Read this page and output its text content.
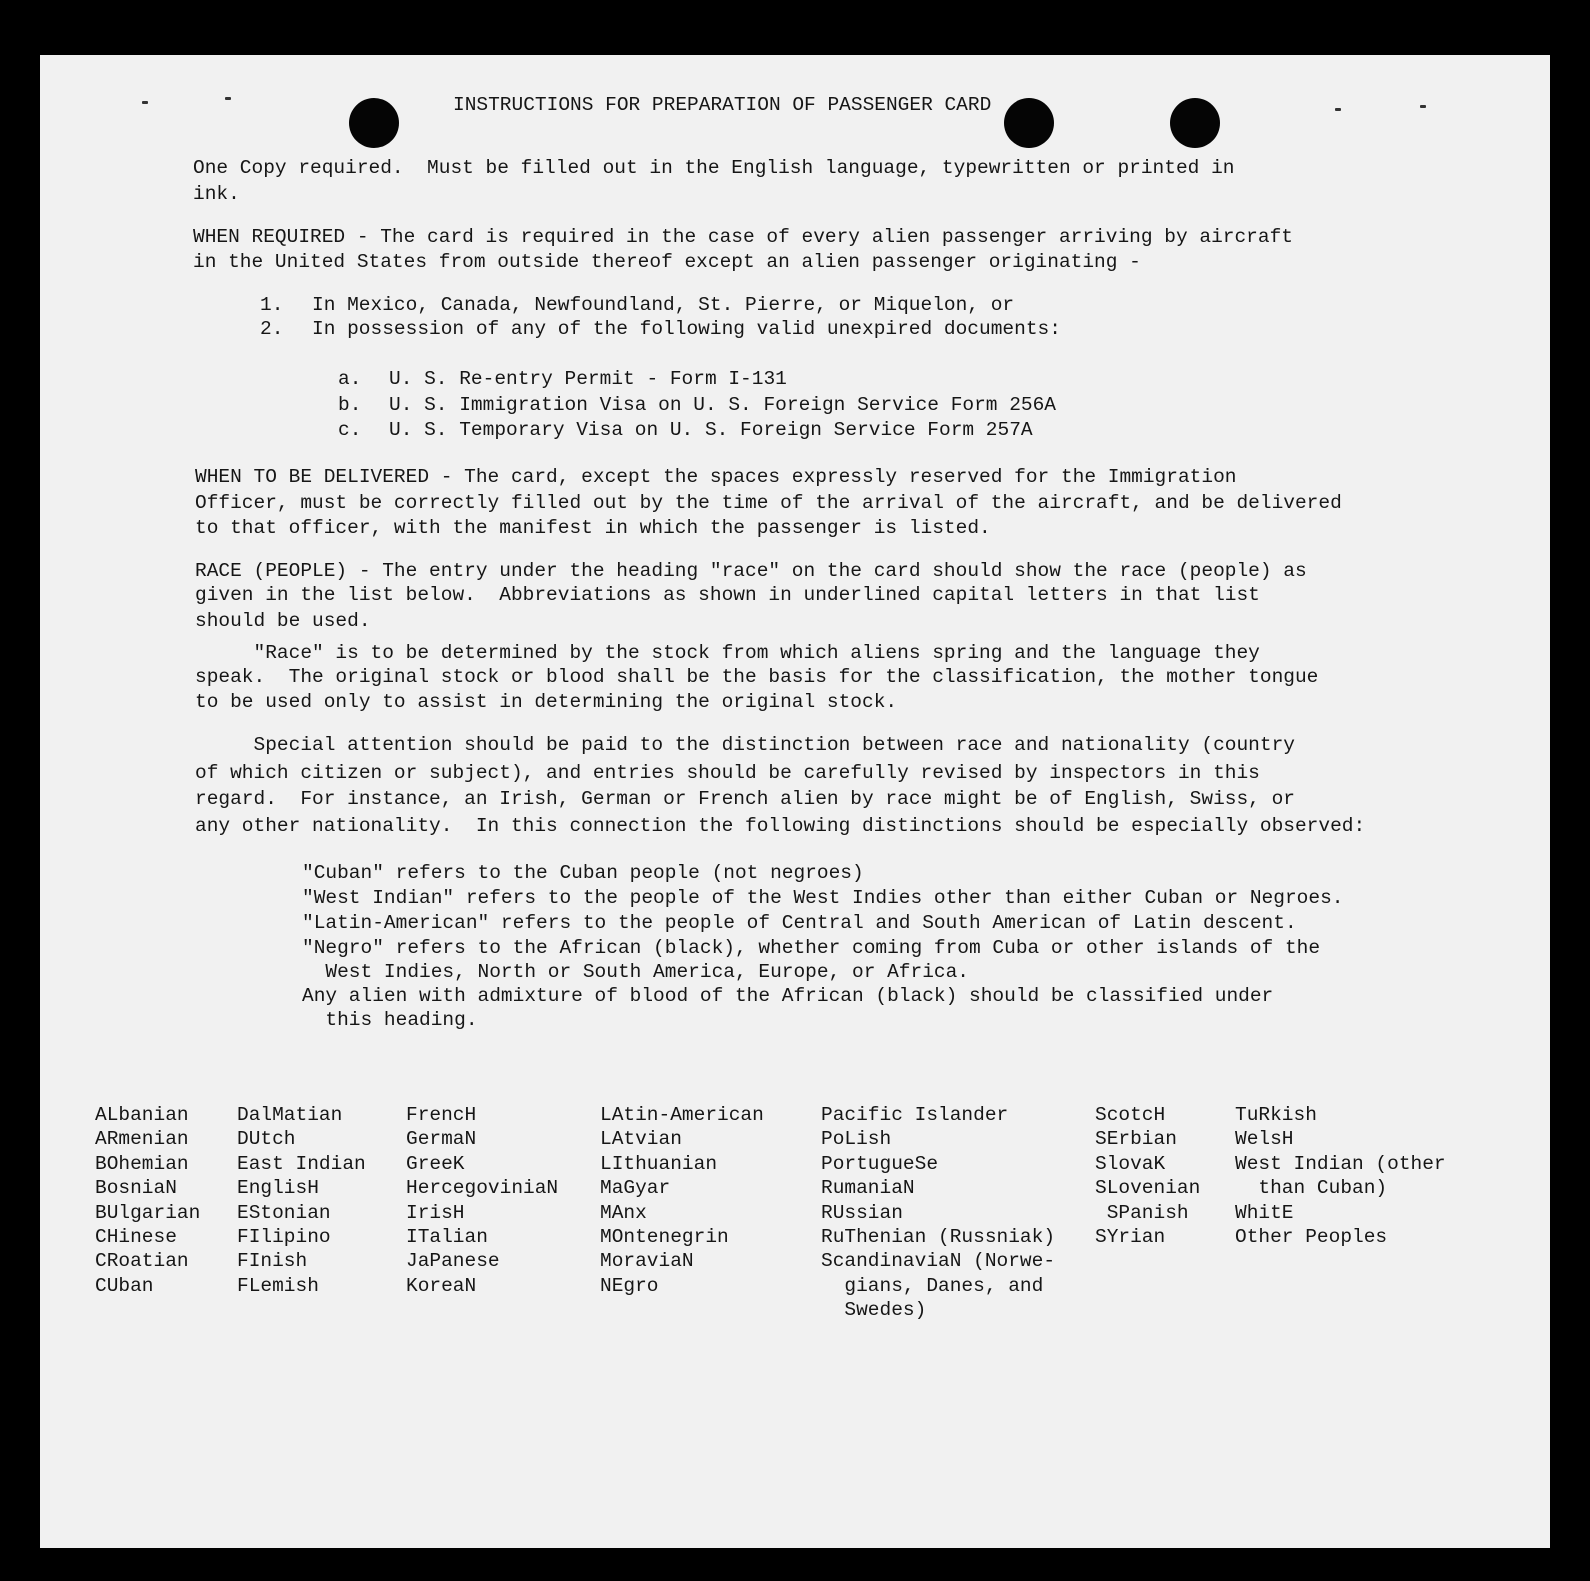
INSTRUCTIONS FOR PREPARATION OF PASSENGER CARD
One Copy required.  Must be filled out in the English language, typewritten or printed in
ink.
WHEN REQUIRED - The card is required in the case of every alien passenger arriving by aircraft
in the United States from outside thereof except an alien passenger originating -
1. In Mexico, Canada, Newfoundland, St. Pierre, or Miquelon, or
2. In possession of any of the following valid unexpired documents:
a. U. S. Re-entry Permit - Form I-131
b. U. S. Immigration Visa on U. S. Foreign Service Form 256A
c. U. S. Temporary Visa on U. S. Foreign Service Form 257A
WHEN TO BE DELIVERED - The card, except the spaces expressly reserved for the Immigration
Officer, must be correctly filled out by the time of the arrival of the aircraft, and be delivered
to that officer, with the manifest in which the passenger is listed.
RACE (PEOPLE) - The entry under the heading "race" on the card should show the race (people) as
given in the list below.  Abbreviations as shown in underlined capital letters in that list
should be used.
"Race" is to be determined by the stock from which aliens spring and the language they
speak.  The original stock or blood shall be the basis for the classification, the mother tongue
to be used only to assist in determining the original stock.
Special attention should be paid to the distinction between race and nationality (country
of which citizen or subject), and entries should be carefully revised by inspectors in this
regard.  For instance, an Irish, German or French alien by race might be of English, Swiss, or
any other nationality.  In this connection the following distinctions should be especially observed:
"Cuban" refers to the Cuban people (not negroes)
"West Indian" refers to the people of the West Indies other than either Cuban or Negroes.
"Latin-American" refers to the people of Central and South American of Latin descent.
"Negro" refers to the African (black), whether coming from Cuba or other islands of the
West Indies, North or South America, Europe, or Africa.
Any alien with admixture of blood of the African (black) should be classified under
this heading.
ALbanian
ARmenian
BOhemian
BosniaN
BUlgarian
CHinese
CRoatian
CUban
DalMatian
DUtch
East Indian
EnglisH
EStonian
FIlipino
FInish
FLemish
FrencH
GermaN
GreeK
HercegoviniaN
IrisH
ITalian
JaPanese
KoreaN
LAtin-American
LAtvian
LIthuanian
MaGyar
MAnx
MOntenegrin
MoraviaN
NEgro
Pacific Islander
PoLish
PortugueSe
RumaniaN
RUssian
RuThenian (Russniak)
ScandinaviaN (Norwe-
gians, Danes, and
Swedes)
ScotcH
SErbian
SlovaK
SLovenian
SPanish
SYrian
TuRkish
WelsH
West Indian (other
than Cuban)
WhitE
Other Peoples
